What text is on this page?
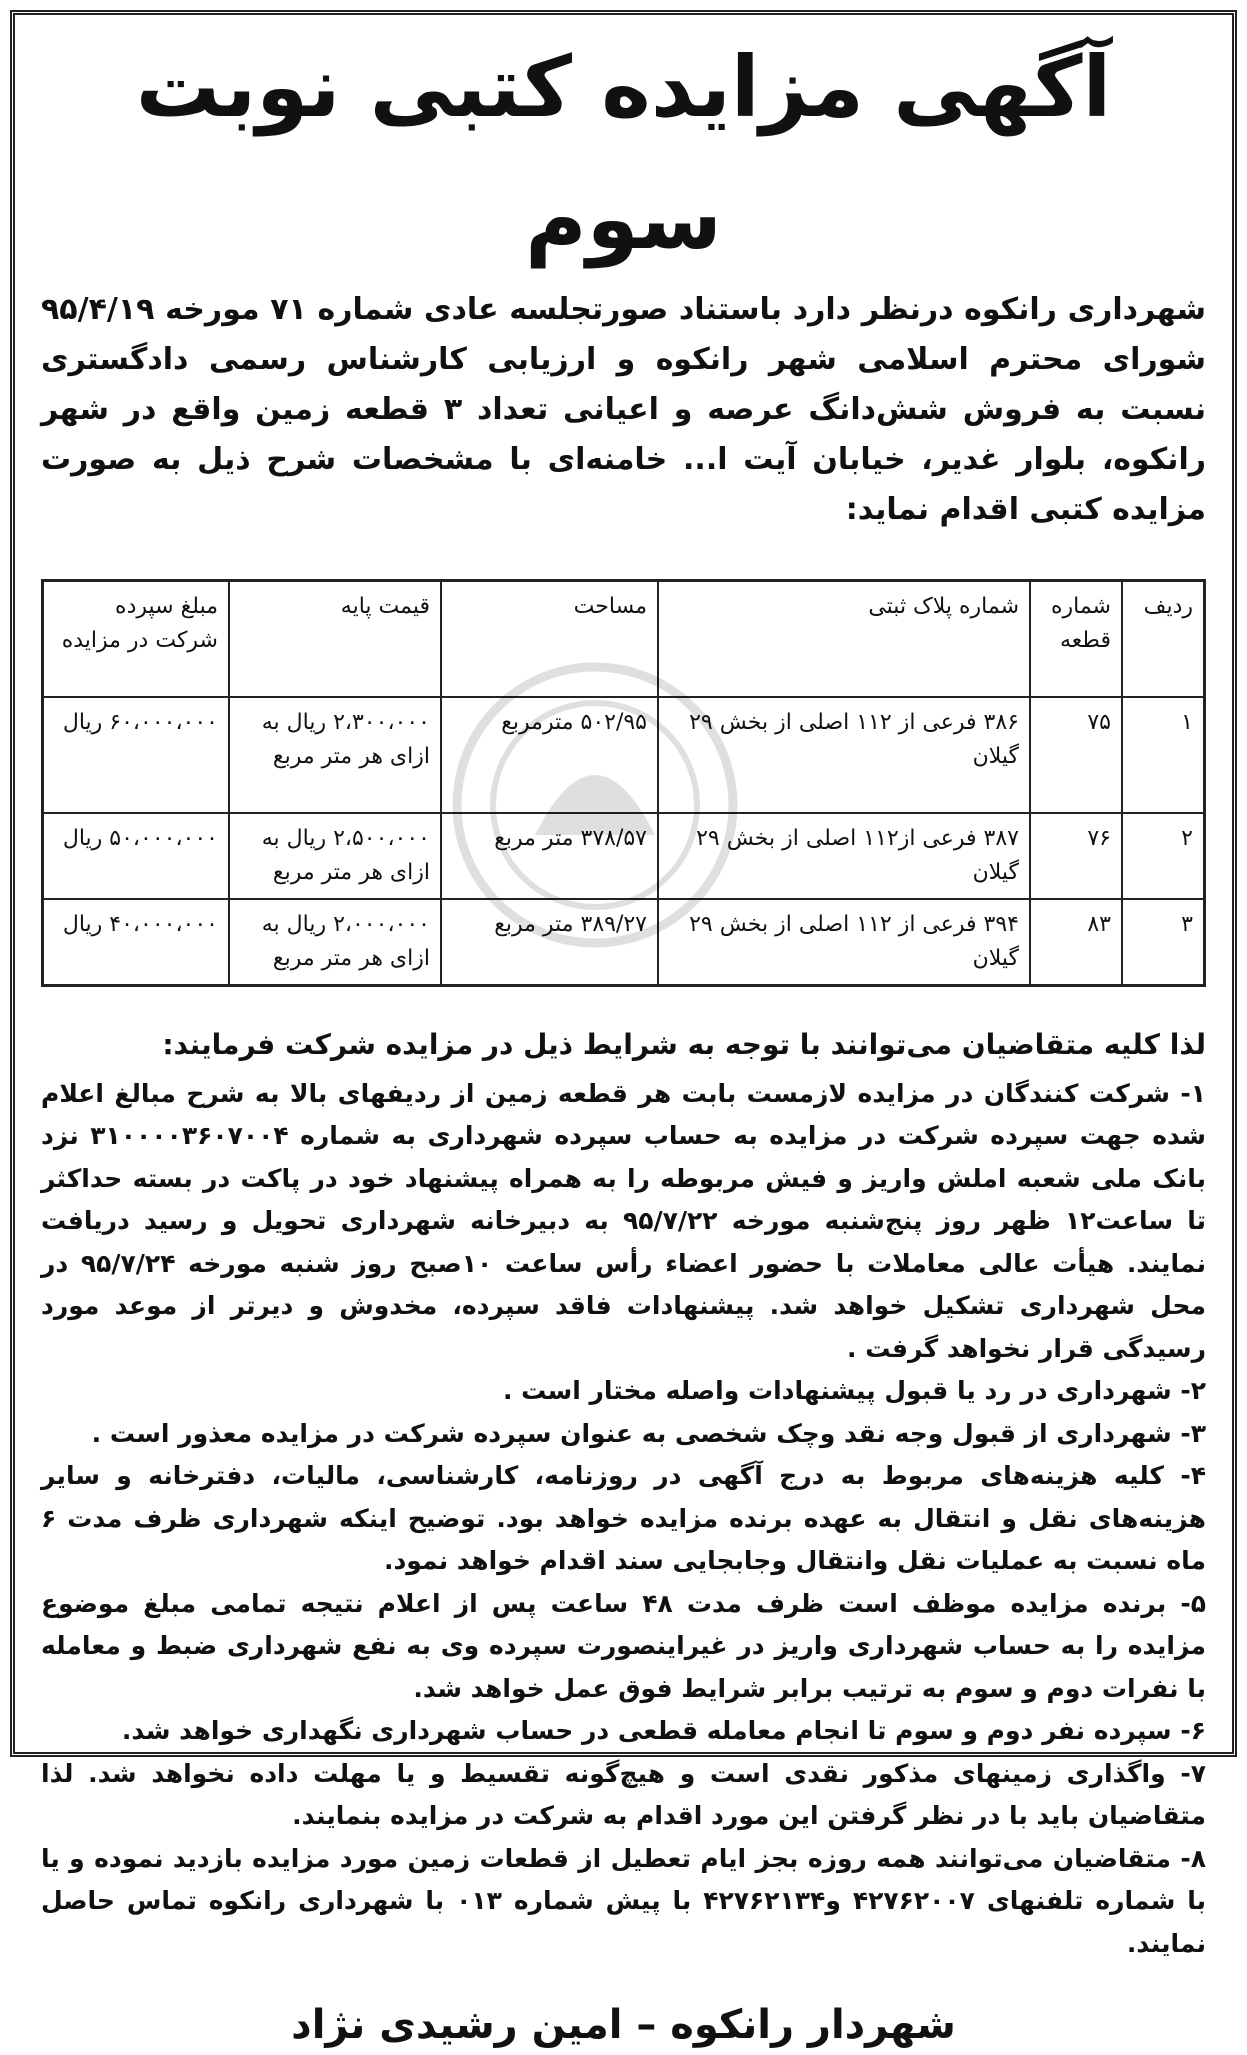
آگهی مزایده کتبی نوبت سوم

شهرداری رانکوه درنظر دارد باستناد صورتجلسه عادی شماره ۷۱ مورخه ۹۵/۴/۱۹ شورای محترم اسلامی شهر رانکوه و ارزیابی کارشناس رسمی دادگستری نسبت به فروش شش‌دانگ عرصه و اعیانی تعداد ۳ قطعه زمین واقع در شهر رانکوه، بلوار غدیر، خیابان آیت ا... خامنه‌ای با مشخصات شرح ذیل به صورت مزایده کتبی اقدام نماید:

ردیف	شماره قطعه	شماره پلاک ثبتی	مساحت	قیمت پایه	مبلغ سپرده شرکت در مزایده
۱	۷۵	۳۸۶ فرعی از ۱۱۲ اصلی از بخش ۲۹ گیلان	۵۰۲/۹۵ مترمربع	۲،۳۰۰،۰۰۰ ریال به ازای هر متر مربع	۶۰،۰۰۰،۰۰۰ ریال
۲	۷۶	۳۸۷ فرعی از۱۱۲ اصلی از بخش ۲۹ گیلان	۳۷۸/۵۷ متر مربع	۲،۵۰۰،۰۰۰ ریال به ازای هر متر مربع	۵۰،۰۰۰،۰۰۰ ریال
۳	۸۳	۳۹۴ فرعی از ۱۱۲ اصلی از بخش ۲۹ گیلان	۳۸۹/۲۷ متر مربع	۲،۰۰۰،۰۰۰ ریال به ازای هر متر مربع	۴۰،۰۰۰،۰۰۰ ریال

لذا کلیه متقاضیان می‌توانند با توجه به شرایط ذیل در مزایده شرکت فرمایند:

۱- شرکت کنندگان در مزایده لازمست بابت هر قطعه زمین از ردیفهای بالا به شرح مبالغ اعلام شده جهت سپرده شرکت در مزایده به حساب سپرده شهرداری به شماره ۳۱۰۰۰۰۳۶۰۷۰۰۴ نزد بانک ملی شعبه املش واریز و فیش مربوطه را به همراه پیشنهاد خود در پاکت در بسته حداکثر تا ساعت۱۲ ظهر روز پنج‌شنبه مورخه ۹۵/۷/۲۲ به دبیرخانه شهرداری تحویل و رسید دریافت نمایند. هیأت عالی معاملات با حضور اعضاء رأس ساعت ۱۰صبح روز شنبه مورخه ۹۵/۷/۲۴ در محل شهرداری تشکیل خواهد شد. پیشنهادات فاقد سپرده، مخدوش و دیرتر از موعد مورد رسیدگی قرار نخواهد گرفت .
۲- شهرداری در رد یا قبول پیشنهادات واصله مختار است .
۳- شهرداری از قبول وجه نقد وچک شخصی به عنوان سپرده شرکت در مزایده معذور است .
۴- کلیه هزینه‌های مربوط به درج آگهی در روزنامه، کارشناسی، مالیات، دفترخانه و سایر هزینه‌های نقل و انتقال به عهده برنده مزایده خواهد بود. توضیح اینکه شهرداری ظرف مدت ۶ ماه نسبت به عملیات نقل وانتقال وجابجایی سند اقدام خواهد نمود.
۵- برنده مزایده موظف است ظرف مدت ۴۸ ساعت پس از اعلام نتیجه تمامی مبلغ موضوع مزایده را به حساب شهرداری واریز در غیراینصورت سپرده وی به نفع شهرداری ضبط و معامله با نفرات دوم و سوم به ترتیب برابر شرایط فوق عمل خواهد شد.
۶- سپرده نفر دوم و سوم تا انجام معامله قطعی در حساب شهرداری نگهداری خواهد شد.
۷- واگذاری زمینهای مذکور نقدی است و هیچ‌گونه تقسیط و یا مهلت داده نخواهد شد. لذا متقاضیان باید با در نظر گرفتن این مورد اقدام به شرکت در مزایده بنمایند.
۸- متقاضیان می‌توانند همه روزه بجز ایام تعطیل از قطعات زمین مورد مزایده بازدید نموده و یا با شماره تلفنهای ۴۲۷۶۲۰۰۷ و۴۲۷۶۲۱۳۴ با پیش شماره ۰۱۳ با شهرداری رانکوه تماس حاصل نمایند.
شهردار رانکوه – امین رشیدی نژاد
